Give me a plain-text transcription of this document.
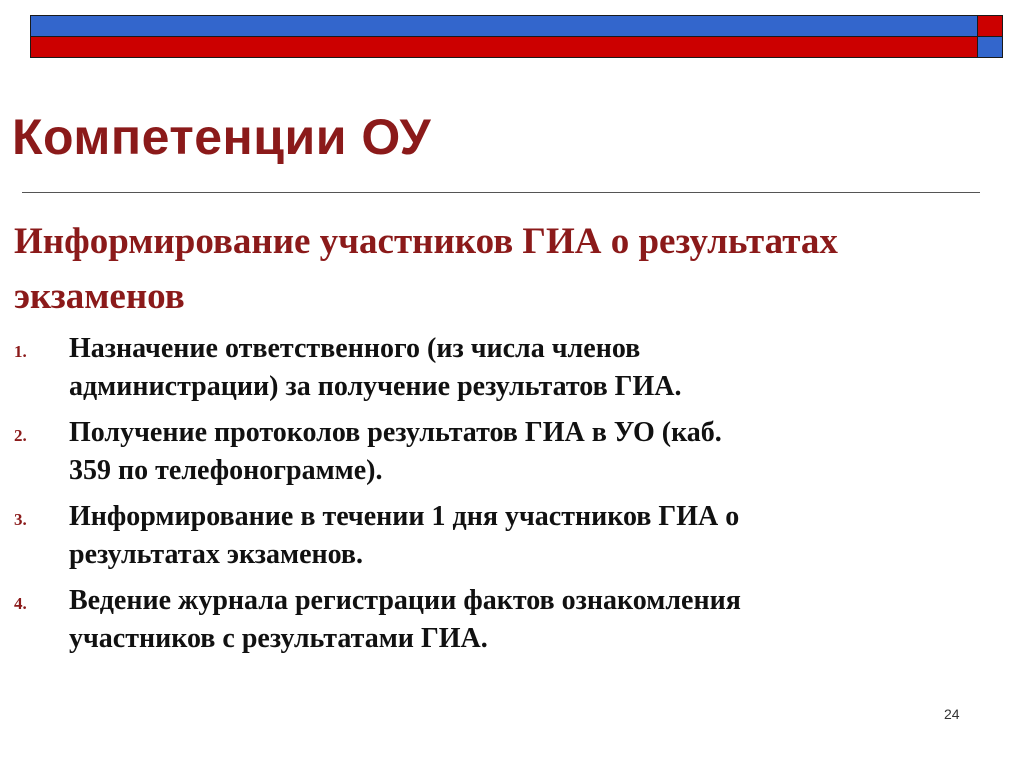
Компетенции ОУ
Информирование участников ГИА о результатах экзаменов
1. Назначение ответственного (из числа членов
администрации) за получение результатов ГИА.
2. Получение протоколов результатов ГИА в УО (каб.
359 по телефонограмме).
3. Информирование в течении 1 дня участников ГИА о
результатах экзаменов.
4. Ведение журнала регистрации фактов ознакомления
участников с результатами ГИА.
24
